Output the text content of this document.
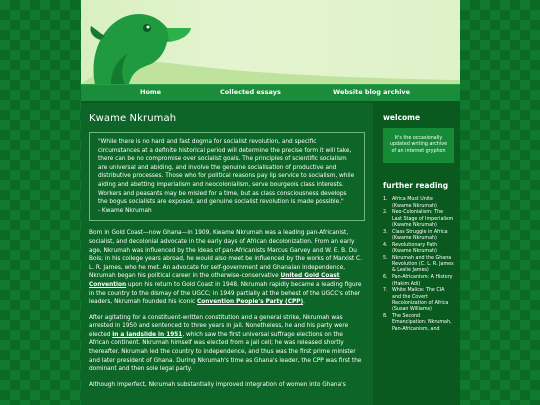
Home	Collected essays	Website blog archive
Kwame Nkrumah
"While there is no hard and fast dogma for socialist revolution, and specific circumstances at a definite historical period will determine the precise form it will take, there can be no compromise over socialist goals. The principles of scientific socialism are universal and abiding, and involve the genuine socialisation of productive and distributive processes. Those who for political reasons pay lip service to socialism, while aiding and abetting imperialism and neocolonialism, serve bourgeois class interests. Workers and peasants may be misled for a time, but as class consciousness develops the bogus socialists are exposed, and genuine socialist revolution is made possible."
- Kwame Nkrumah

Born in Gold Coast—now Ghana—in 1909, Kwame Nkrumah was a leading pan-Africanist, socialist, and decolonial advocate in the early days of African decolonization. From an early age, Nkrumah was influenced by the ideas of pan-Africanists Marcus Garvey and W. E. B. Du Bois; in his college years abroad, he would also meet be influenced by the works of Marxist C. L. R. James, who he met. An advocate for self-government and Ghanaian independence, Nkrumah began his political career in the otherwise-conservative United Gold Coast Convention upon his return to Gold Coast in 1948. Nkrumah rapidly became a leading figure in the country to the dismay of the UGCC; in 1949 partially at the behest of the UGCC's other leaders, Nkrumah founded his iconic Convention People's Party (CPP).

After agitating for a constituent-written constitution and a general strike, Nkrumah was arrested in 1950 and sentenced to three years in jail. Nonetheless, he and his party were elected in a landslide in 1951, which saw the first universal suffrage elections on the African continent. Nkrumah himself was elected from a jail cell; he was released shortly thereafter. Nkrumah led the country to independence, and thus was the first prime minister and later president of Ghana. During Nkrumah's time as Ghana's leader, the CPP was first the dominant and then sole legal party.

Although imperfect, Nkrumah substantially improved integration of women into Ghana's

welcome
It's the occasionally updated writing archive of an internet gryphon
further reading
1. Africa Must Unite (Kwame Nkrumah)
2. Neo-Colonialism: The Last Stage of Imperialism (Kwame Nkrumah)
3. Class Struggle in Africa (Kwame Nkrumah)
4. Revolutionary Path (Kwame Nkrumah)
5. Nkrumah and the Ghana Revolution (C. L. R. James & Leslie James)
6. Pan-Africanism: A History (Hakim Adi)
7. White Malice: The CIA and the Covert Recolonization of Africa (Susan Williams)
8. The Second Emancipation: Nkrumah, Pan-Africanism, and
